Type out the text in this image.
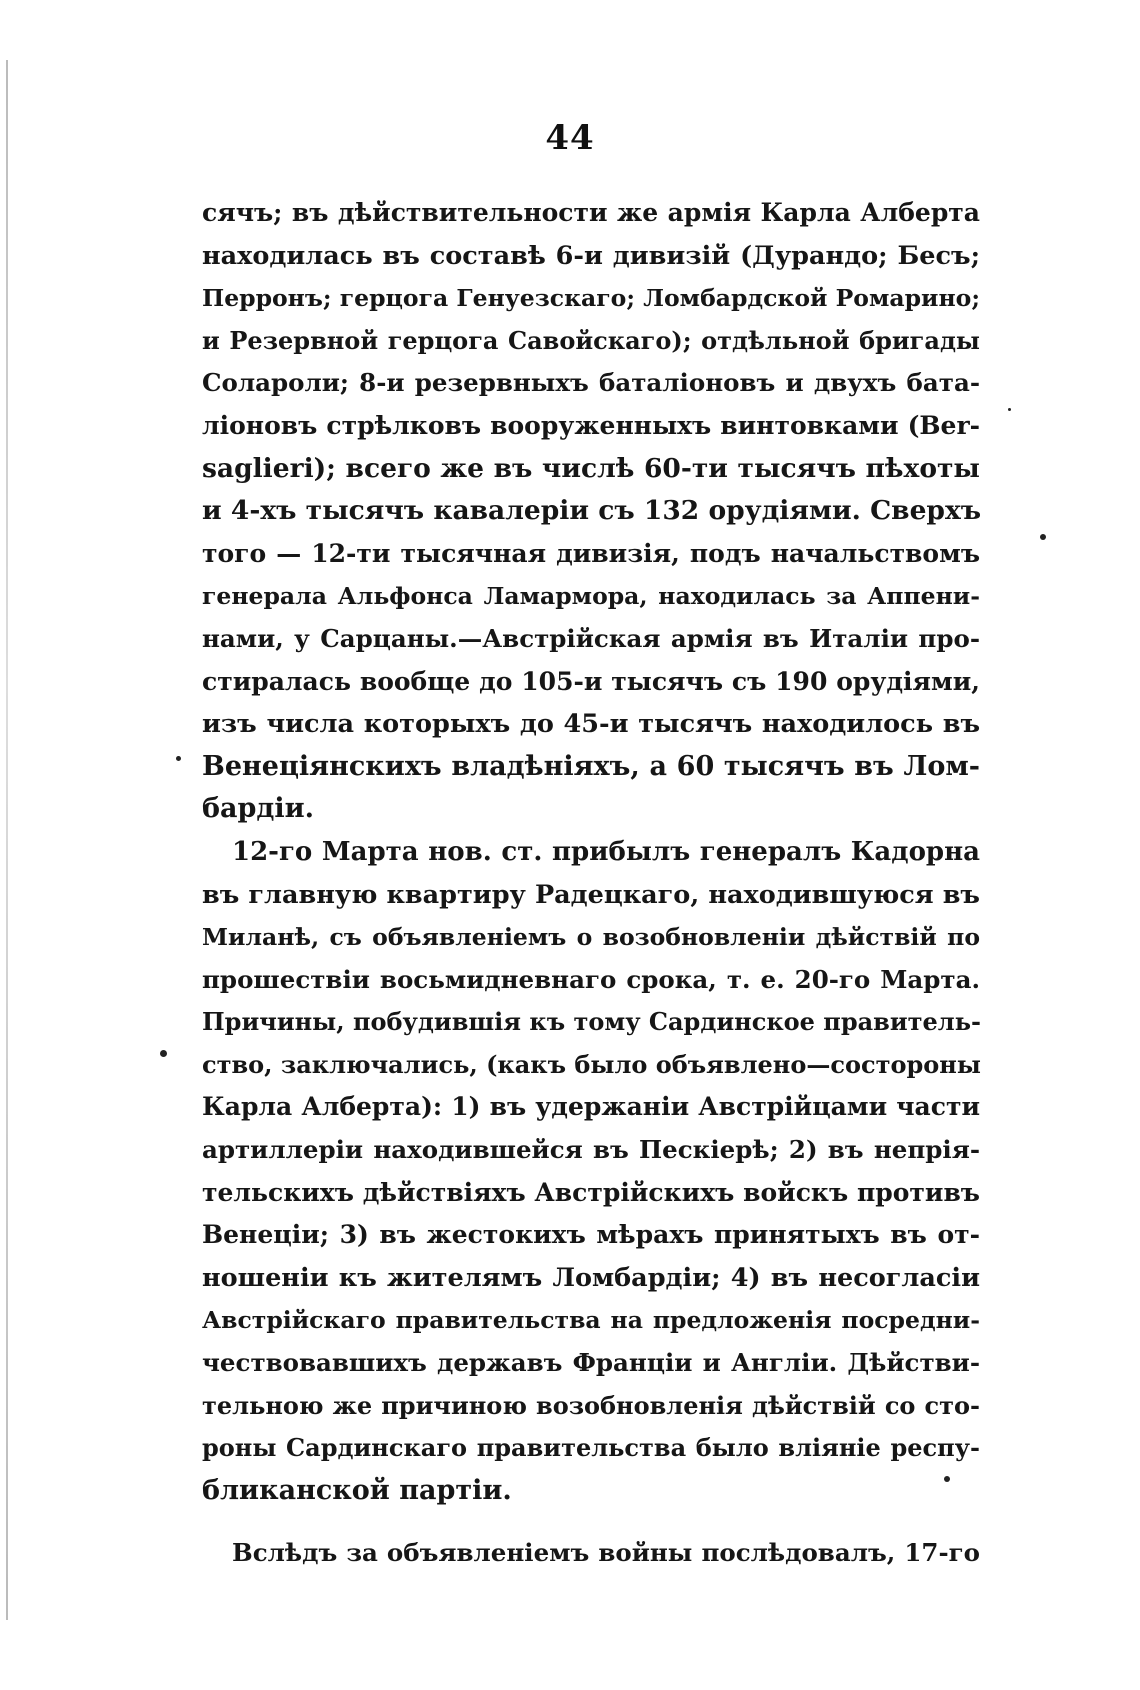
44
сячъ; въ дѣйствительности же армія Карла Алберта
находилась въ составѣ 6-и дивизій (Дурандо; Бесъ;
Перронъ; герцога Генуезскаго; Ломбардской Ромарино;
и Резервной герцога Савойскаго); отдѣльной бригады
Солароли; 8-и резервныхъ баталіоновъ и двухъ бата-
ліоновъ стрѣлковъ вооруженныхъ винтовками (Ber-
sаgliеri); всего же въ числѣ 60-ти тысячъ пѣхоты
и 4-хъ тысячъ кавалеріи съ 132 орудіями. Сверхъ
того — 12-ти тысячная дивизія, подъ начальствомъ
генерала Альфонса Ламармора, находилась за Аппени-
нами, у Сарцаны.—Австрійская армія въ Италіи про-
стиралась вообще до 105-и тысячъ съ 190 орудіями,
изъ числа которыхъ до 45-и тысячъ находилось въ
Венеціянскихъ владѣніяхъ, а 60 тысячъ въ Лом-
бардіи.
12-го Марта нов. ст. прибылъ генералъ Кадорна
въ главную квартиру Радецкаго, находившуюся въ
Миланѣ, съ объявленіемъ о возобновленіи дѣйствій по
прошествіи восьмидневнаго срока, т. е. 20-го Марта.
Причины, побудившія къ тому Сардинское правитель-
ство, заключались, (какъ было объявлено—состороны
Карла Алберта): 1) въ удержаніи Австрійцами части
артиллеріи находившейся въ Пескіерѣ; 2) въ непрія-
тельскихъ дѣйствіяхъ Австрійскихъ войскъ противъ
Венеціи; 3) въ жестокихъ мѣрахъ принятыхъ въ от-
ношеніи къ жителямъ Ломбардіи; 4) въ несогласіи
Австрійскаго правительства на предложенія посредни-
чествовавшихъ державъ Франціи и Англіи. Дѣйстви-
тельною же причиною возобновленія дѣйствій со сто-
роны Сардинскаго правительства было вліяніе респу-
бликанской партіи.
Вслѣдъ за объявленіемъ войны послѣдовалъ, 17-го
